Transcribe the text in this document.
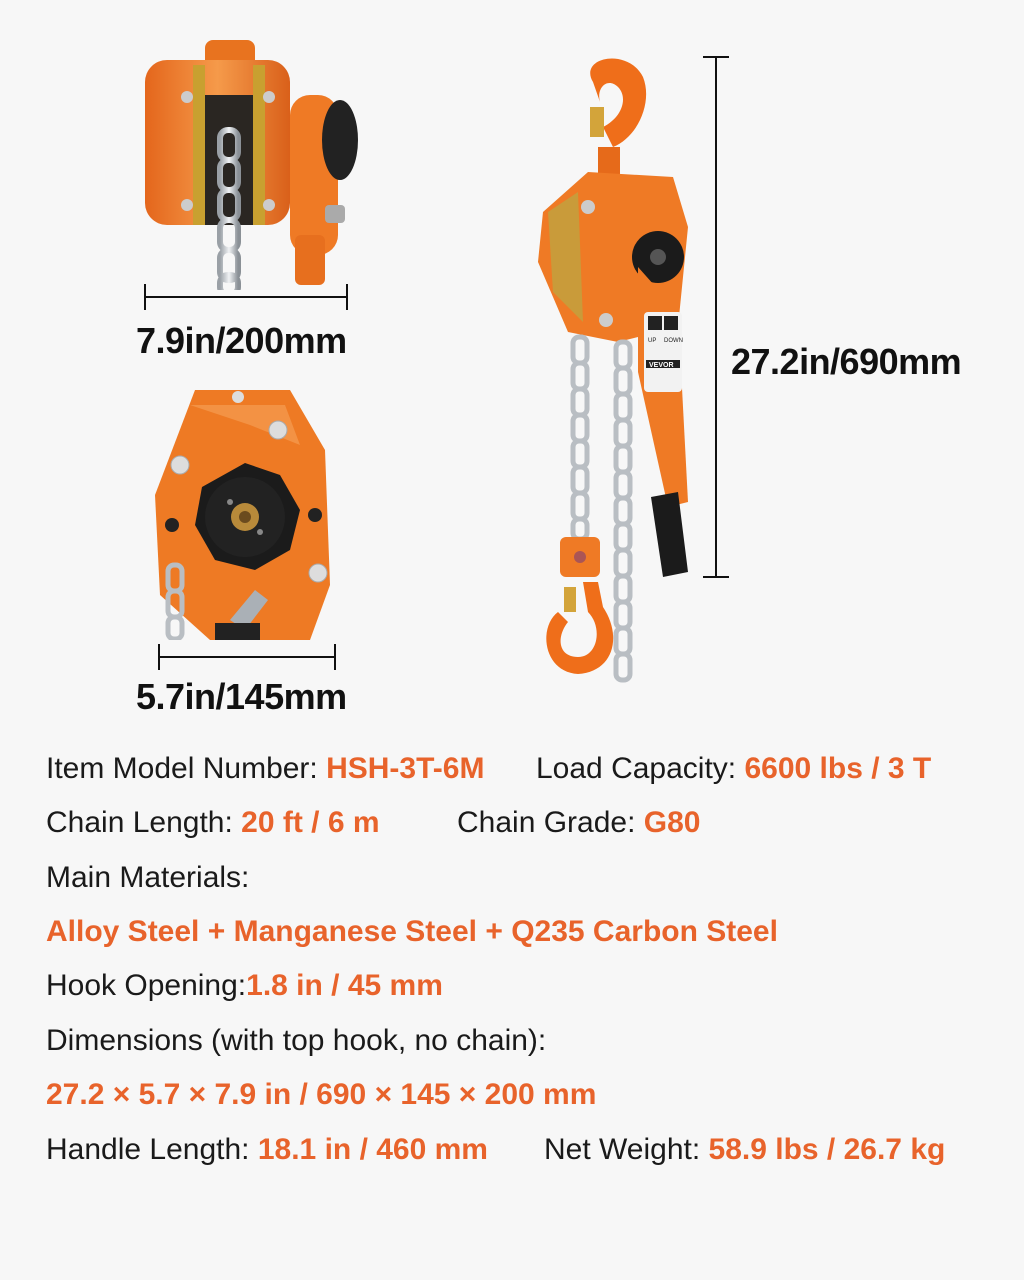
7.9in/200mm
5.7in/145mm
UP DOWN
VEVOR 27.2in/690mm
Item Model Number: HSH-3T-6M Load Capacity: 6600 lbs / 3 T
Chain Length: 20 ft / 6 m	Chain Grade: G80
Main Materials:
Alloy Steel + Manganese Steel + Q235 Carbon Steel
Hook Opening:1.8 in / 45 mm
Dimensions (with top hook, no chain):
27.2 × 5.7 × 7.9 in / 690 × 145 × 200 mm
Handle Length: 18.1 in / 460 mm Net Weight: 58.9 lbs / 26.7 kg
